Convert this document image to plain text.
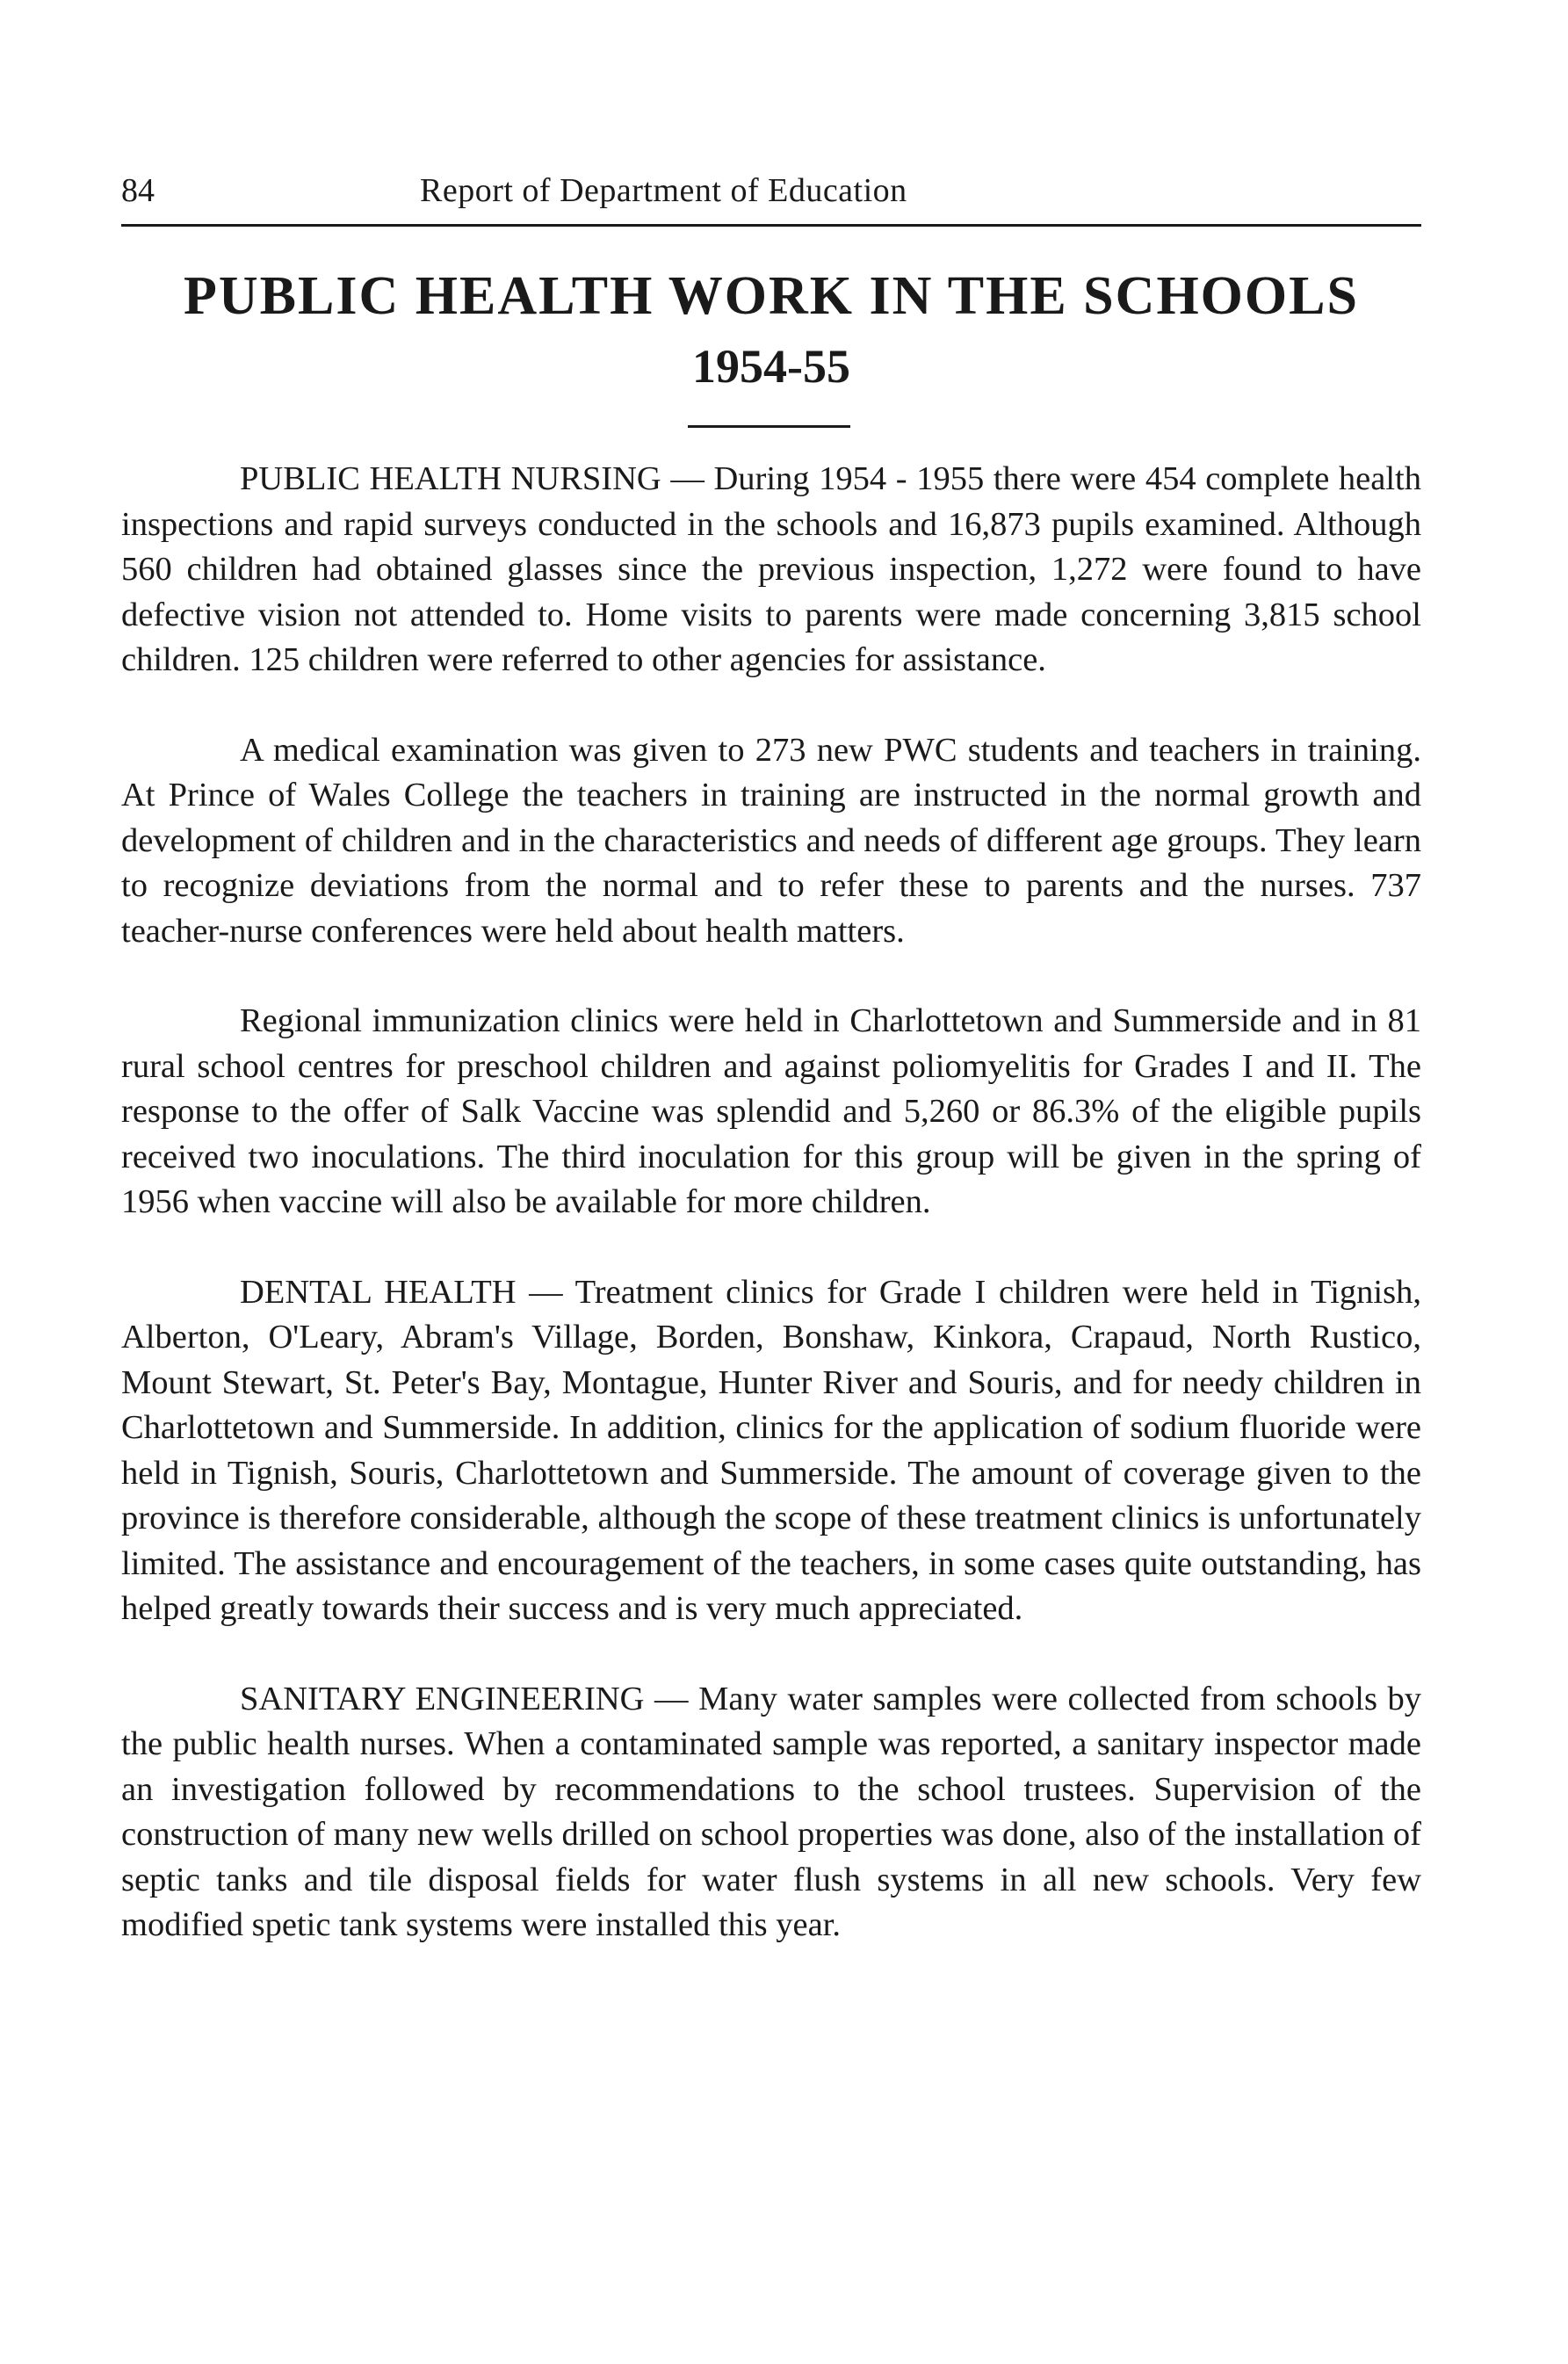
84	Report of Department of Education
PUBLIC HEALTH WORK IN THE SCHOOLS
1954-55

PUBLIC HEALTH NURSING — During 1954 - 1955 there were 454 complete health inspections and rapid surveys conducted in the schools and 16,873 pupils examined. Although 560 children had obtained glasses since the previous inspection, 1,272 were found to have defective vision not attended to. Home visits to parents were made concerning 3,815 school children. 125 children were referred to other agencies for assistance.

A medical examination was given to 273 new PWC students and teachers in training. At Prince of Wales College the teachers in training are instructed in the normal growth and development of children and in the characteristics and needs of different age groups. They learn to recognize deviations from the normal and to refer these to parents and the nurses. 737 teacher-nurse conferences were held about health matters.

Regional immunization clinics were held in Charlottetown and Summerside and in 81 rural school centres for preschool children and against poliomyelitis for Grades I and II. The response to the offer of Salk Vaccine was splendid and 5,260 or 86.3% of the eligible pupils received two inoculations. The third inoculation for this group will be given in the spring of 1956 when vaccine will also be available for more children.

DENTAL HEALTH — Treatment clinics for Grade I children were held in Tignish, Alberton, O'Leary, Abram's Village, Borden, Bonshaw, Kinkora, Crapaud, North Rustico, Mount Stewart, St. Peter's Bay, Montague, Hunter River and Souris, and for needy children in Charlottetown and Summerside. In addition, clinics for the application of sodium fluoride were held in Tignish, Souris, Charlottetown and Summerside. The amount of coverage given to the province is therefore considerable, although the scope of these treatment clinics is unfortunately limited. The assistance and encouragement of the teachers, in some cases quite outstanding, has helped greatly towards their success and is very much appreciated.

SANITARY ENGINEERING — Many water samples were collected from schools by the public health nurses. When a contaminated sample was reported, a sanitary inspector made an investigation followed by recommendations to the school trustees. Supervision of the construction of many new wells drilled on school properties was done, also of the installation of septic tanks and tile disposal fields for water flush systems in all new schools. Very few modified spetic tank systems were installed this year.
